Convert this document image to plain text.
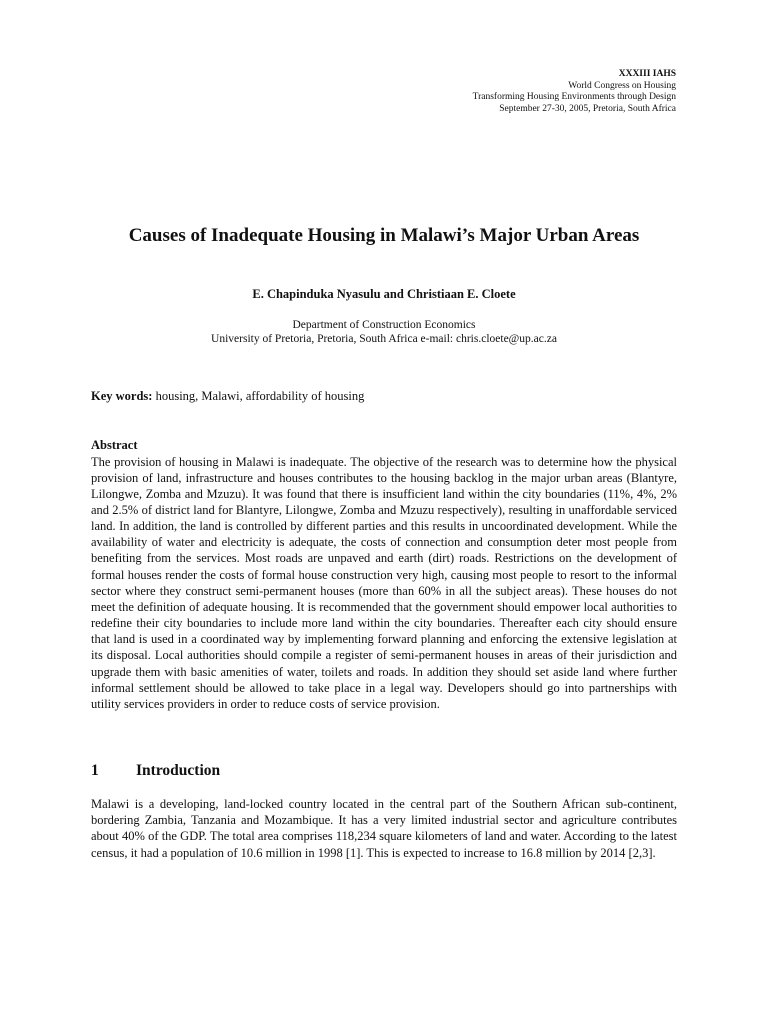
XXXIII IAHS
World Congress on Housing
Transforming Housing Environments through Design
September 27-30, 2005, Pretoria, South Africa
Causes of Inadequate Housing in Malawi’s Major Urban Areas
E. Chapinduka Nyasulu and Christiaan E. Cloete
Department of Construction Economics
University of Pretoria, Pretoria, South Africa e-mail: chris.cloete@up.ac.za
Key words: housing, Malawi, affordability of housing
Abstract

The provision of housing in Malawi is inadequate. The objective of the research was to determine how the physical provision of land, infrastructure and houses contributes to the housing backlog in the major urban areas (Blantyre, Lilongwe, Zomba and Mzuzu). It was found that there is insufficient land within the city boundaries (11%, 4%, 2% and 2.5% of district land for Blantyre, Lilongwe, Zomba and Mzuzu respectively), resulting in unaffordable serviced land. In addition, the land is controlled by different parties and this results in uncoordinated development. While the availability of water and electricity is adequate, the costs of connection and consumption deter most people from benefiting from the services. Most roads are unpaved and earth (dirt) roads. Restrictions on the development of formal houses render the costs of formal house construction very high, causing most people to resort to the informal sector where they construct semi-permanent houses (more than 60% in all the subject areas). These houses do not meet the definition of adequate housing. It is recommended that the government should empower local authorities to redefine their city boundaries to include more land within the city boundaries. Thereafter each city should ensure that land is used in a coordinated way by implementing forward planning and enforcing the extensive legislation at its disposal. Local authorities should compile a register of semi-permanent houses in areas of their jurisdiction and upgrade them with basic amenities of water, toilets and roads. In addition they should set aside land where further informal settlement should be allowed to take place in a legal way. Developers should go into partnerships with utility services providers in order to reduce costs of service provision.

1	Introduction

Malawi is a developing, land-locked country located in the central part of the Southern African sub-continent, bordering Zambia, Tanzania and Mozambique. It has a very limited industrial sector and agriculture contributes about 40% of the GDP. The total area comprises 118,234 square kilometers of land and water. According to the latest census, it had a population of 10.6 million in 1998 [1]. This is expected to increase to 16.8 million by 2014 [2,3].
